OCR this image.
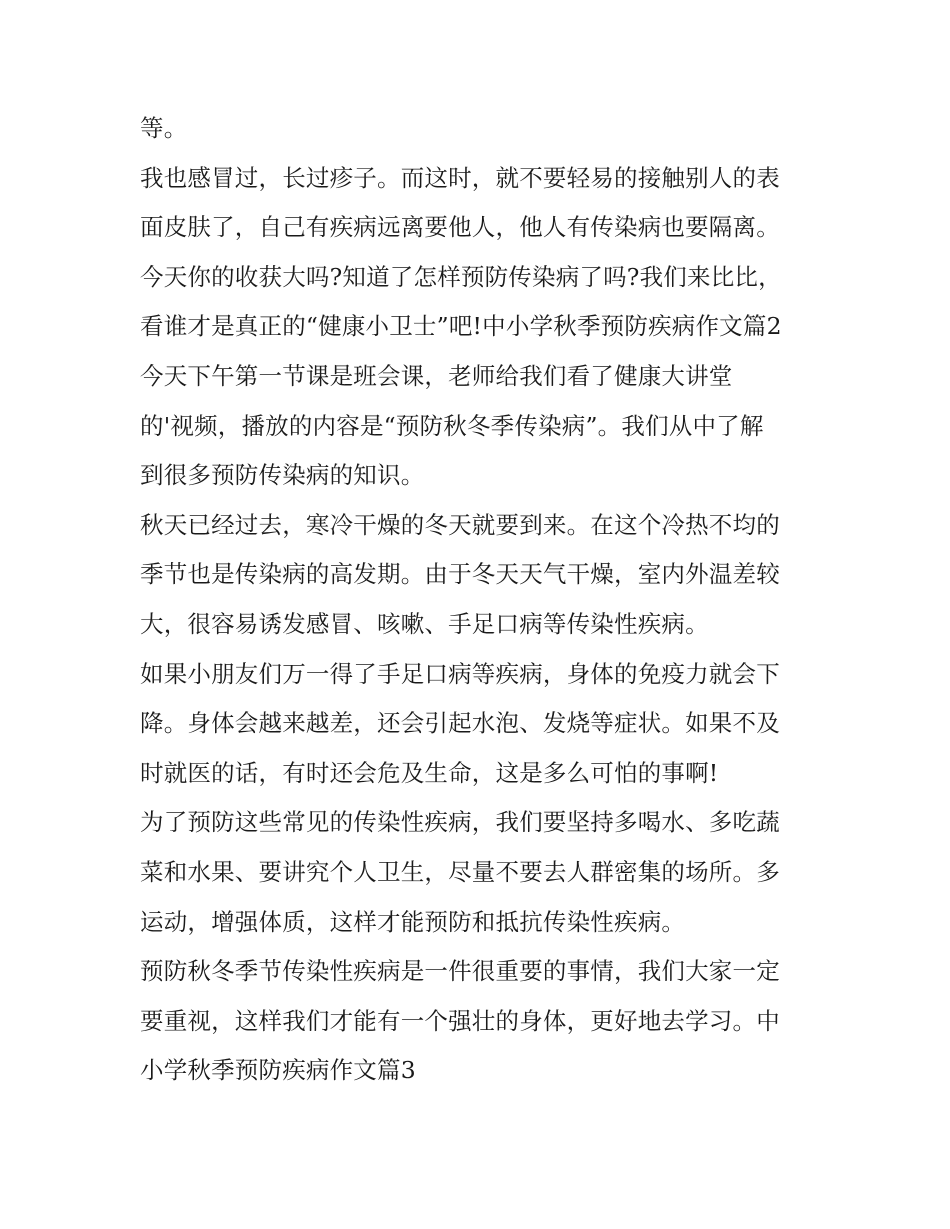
等。
我也感冒过，长过疹子。而这时，就不要轻易的接触别人的表
面皮肤了，自己有疾病远离要他人，他人有传染病也要隔离。
今天你的收获大吗?知道了怎样预防传染病了吗?我们来比比，
看谁才是真正的“健康小卫士”吧!中小学秋季预防疾病作文篇2
今天下午第一节课是班会课，老师给我们看了健康大讲堂
的'视频，播放的内容是“预防秋冬季传染病”。我们从中了解
到很多预防传染病的知识。
秋天已经过去，寒冷干燥的冬天就要到来。在这个冷热不均的
季节也是传染病的高发期。由于冬天天气干燥，室内外温差较
大，很容易诱发感冒、咳嗽、手足口病等传染性疾病。
如果小朋友们万一得了手足口病等疾病，身体的免疫力就会下
降。身体会越来越差，还会引起水泡、发烧等症状。如果不及
时就医的话，有时还会危及生命，这是多么可怕的事啊!
为了预防这些常见的传染性疾病，我们要坚持多喝水、多吃蔬
菜和水果、要讲究个人卫生，尽量不要去人群密集的场所。多
运动，增强体质，这样才能预防和抵抗传染性疾病。
预防秋冬季节传染性疾病是一件很重要的事情，我们大家一定
要重视，这样我们才能有一个强壮的身体，更好地去学习。中
小学秋季预防疾病作文篇3
